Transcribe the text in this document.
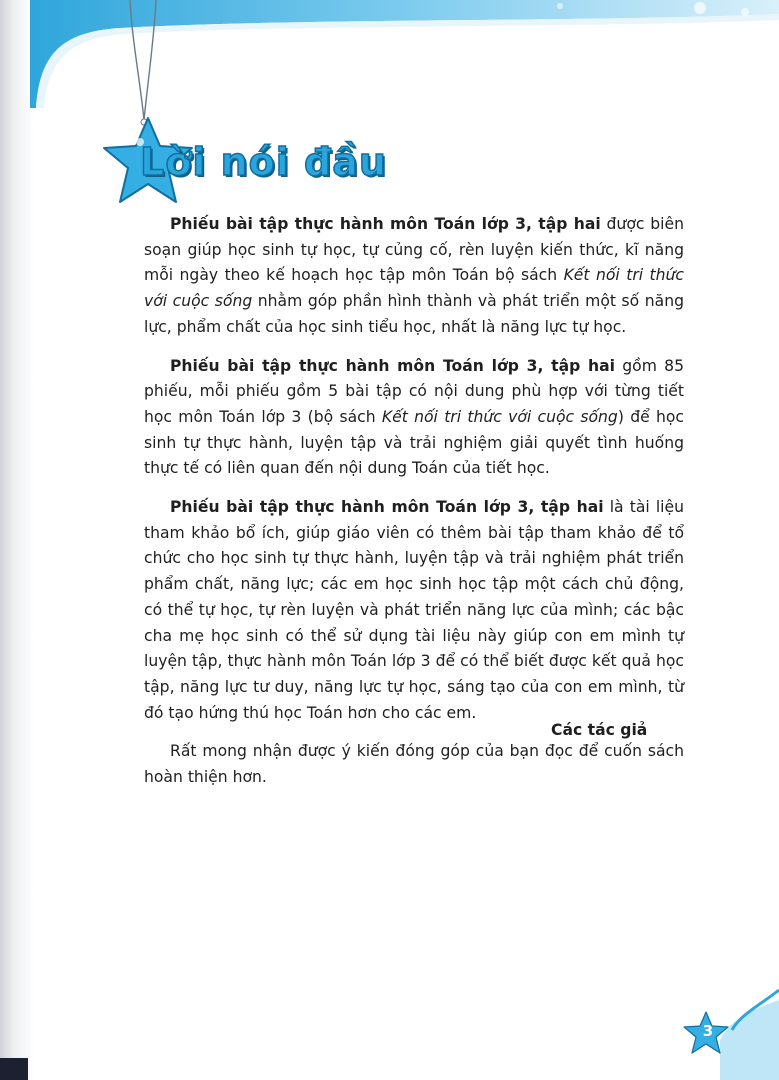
Lời nói đầu

Phiếu bài tập thực hành môn Toán lớp 3, tập hai được biên soạn giúp học sinh tự học, tự củng cố, rèn luyện kiến thức, kĩ năng mỗi ngày theo kế hoạch học tập môn Toán bộ sách Kết nối tri thức với cuộc sống nhằm góp phần hình thành và phát triển một số năng lực, phẩm chất của học sinh tiểu học, nhất là năng lực tự học.

Phiếu bài tập thực hành môn Toán lớp 3, tập hai gồm 85 phiếu, mỗi phiếu gồm 5 bài tập có nội dung phù hợp với từng tiết học môn Toán lớp 3 (bộ sách Kết nối tri thức với cuộc sống) để học sinh tự thực hành, luyện tập và trải nghiệm giải quyết tình huống thực tế có liên quan đến nội dung Toán của tiết học.

Phiếu bài tập thực hành môn Toán lớp 3, tập hai là tài liệu tham khảo bổ ích, giúp giáo viên có thêm bài tập tham khảo để tổ chức cho học sinh tự thực hành, luyện tập và trải nghiệm phát triển phẩm chất, năng lực; các em học sinh học tập một cách chủ động, có thể tự học, tự rèn luyện và phát triển năng lực của mình; các bậc cha mẹ học sinh có thể sử dụng tài liệu này giúp con em mình tự luyện tập, thực hành môn Toán lớp 3 để có thể biết được kết quả học tập, năng lực tư duy, năng lực tự học, sáng tạo của con em mình, từ đó tạo hứng thú học Toán hơn cho các em.

Rất mong nhận được ý kiến đóng góp của bạn đọc để cuốn sách hoàn thiện hơn.

Các tác giả
3
